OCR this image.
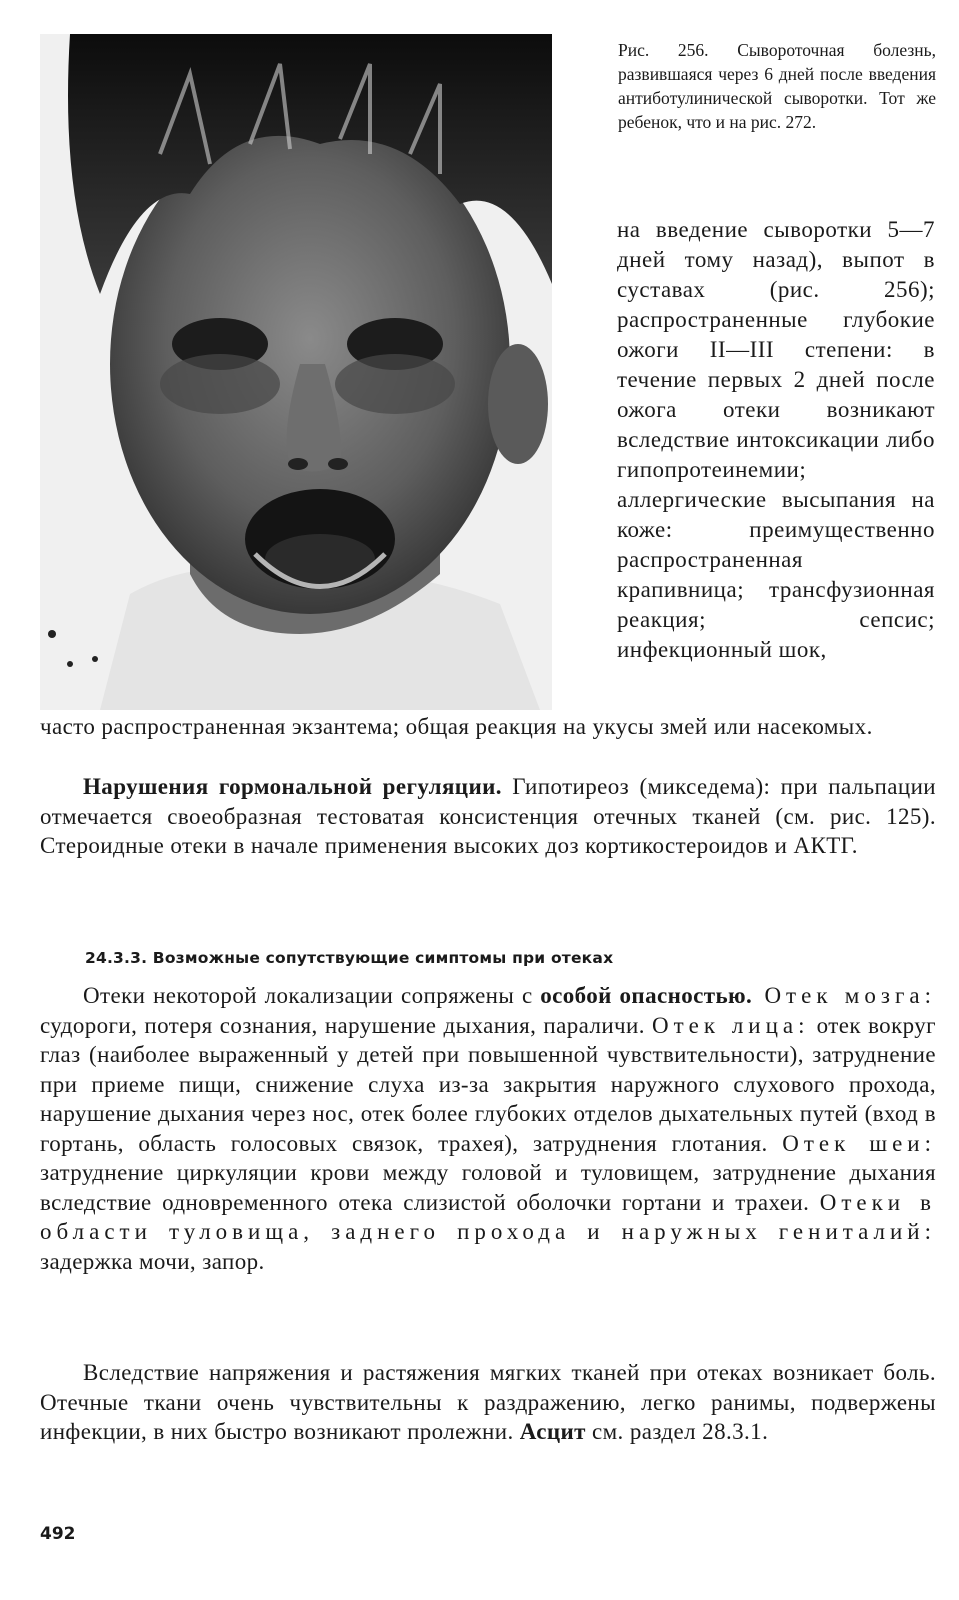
Рис. 256. Сывороточная болезнь, развившаяся через 6 дней после введения антиботулинической сыворотки. Тот же ребенок, что и на рис. 272.

на введение сыворотки 5—7 дней тому назад), выпот в суставах (рис. 256); распространенные глубокие ожоги II—III степени: в течение первых 2 дней после ожога отеки возникают вследствие интоксикации либо гипопротеинемии; аллергические высыпания на коже: преимущественно распространенная крапивница; трансфузионная реакция; сепсис; инфекционный шок,

часто распространенная экзантема; общая реакция на укусы змей или насекомых.

Нарушения гормональной регуляции. Гипотиреоз (микседема): при пальпации отмечается своеобразная тестоватая консистенция отечных тканей (см. рис. 125). Стероидные отеки в начале применения высоких доз кортикостероидов и АКТГ.

24.3.3. Возможные сопутствующие симптомы при отеках

Отеки некоторой локализации сопряжены с особой опасностью. Отек мозга: судороги, потеря сознания, нарушение дыхания, параличи. Отек лица: отек вокруг глаз (наиболее выраженный у детей при повышенной чувствительности), затруднение при приеме пищи, снижение слуха из-за закрытия наружного слухового прохода, нарушение дыхания через нос, отек более глубоких отделов дыхательных путей (вход в гортань, область голосовых связок, трахея), затруднения глотания. Отек шеи: затруднение циркуляции крови между головой и туловищем, затруднение дыхания вследствие одновременного отека слизистой оболочки гортани и трахеи. Отеки в области туловища, заднего прохода и наружных гениталий: задержка мочи, запор.

Вследствие напряжения и растяжения мягких тканей при отеках возникает боль. Отечные ткани очень чувствительны к раздражению, легко ранимы, подвержены инфекции, в них быстро возникают пролежни. Асцит см. раздел 28.3.1.

492
